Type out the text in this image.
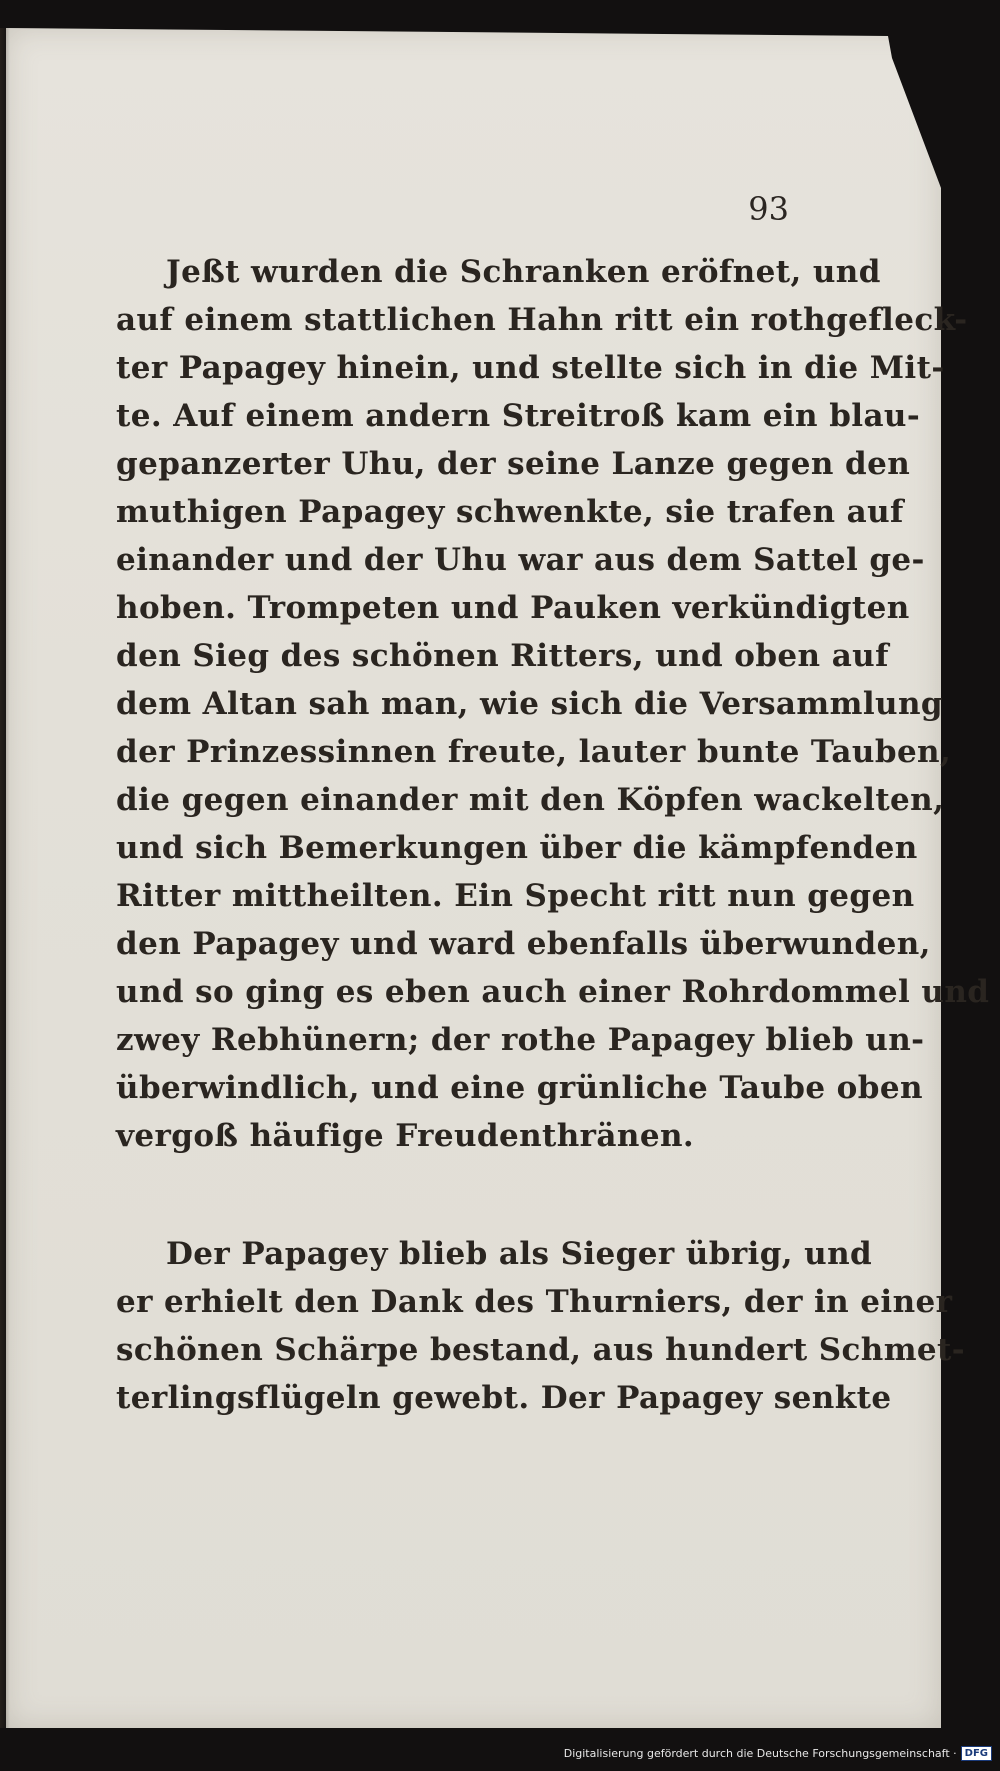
93
Jeßt wurden die Schranken eröfnet, und
auf einem stattlichen Hahn ritt ein rothgefleck-
ter Papagey hinein, und stellte sich in die Mit-
te. Auf einem andern Streitroß kam ein blau-
gepanzerter Uhu, der seine Lanze gegen den
muthigen Papagey schwenkte, sie trafen auf
einander und der Uhu war aus dem Sattel ge-
hoben. Trompeten und Pauken verkündigten
den Sieg des schönen Ritters, und oben auf
dem Altan sah man, wie sich die Versammlung
der Prinzessinnen freute, lauter bunte Tauben,
die gegen einander mit den Köpfen wackelten,
und sich Bemerkungen über die kämpfenden
Ritter mittheilten. Ein Specht ritt nun gegen
den Papagey und ward ebenfalls überwunden,
und so ging es eben auch einer Rohrdommel und
zwey Rebhünern; der rothe Papagey blieb un-
überwindlich, und eine grünliche Taube oben
vergoß häufige Freudenthränen.
Der Papagey blieb als Sieger übrig, und
er erhielt den Dank des Thurniers, der in einer
schönen Schärpe bestand, aus hundert Schmet-
terlingsflügeln gewebt. Der Papagey senkte
Digitalisierung gefördert durch die Deutsche Forschungsgemeinschaft · DFG
